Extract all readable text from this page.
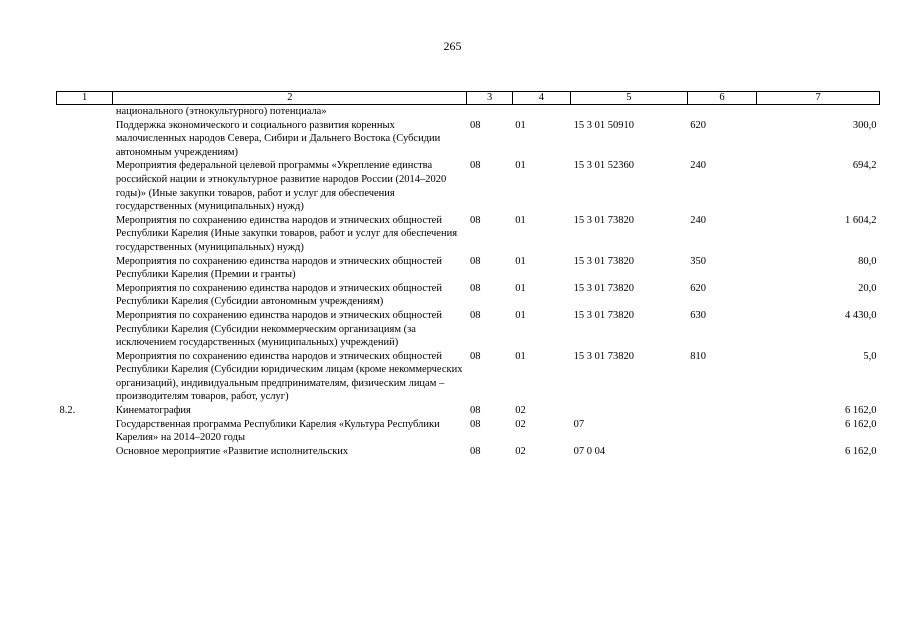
265
1	2	3	4	5	6	7
	национального (этнокультурного) потенциала»					
	Поддержка экономического и социального развития коренных малочисленных народов Севера, Сибири и Дальнего Востока (Субсидии автономным учреждениям)	08	01	15 3 01 50910	620	300,0
	Мероприятия федеральной целевой программы «Укрепление единства российской нации и этнокультурное развитие народов России (2014–2020 годы)» (Иные закупки товаров, работ и услуг для обеспечения государственных (муниципальных) нужд)	08	01	15 3 01 52360	240	694,2
	Мероприятия по сохранению единства народов и этнических общностей Республики Карелия (Иные закупки товаров, работ и услуг для обеспечения государственных (муниципальных) нужд)	08	01	15 3 01 73820	240	1 604,2
	Мероприятия по сохранению единства народов и этнических общностей Республики Карелия (Премии и гранты)	08	01	15 3 01 73820	350	80,0
	Мероприятия по сохранению единства народов и этнических общностей Республики Карелия (Субсидии автономным учреждениям)	08	01	15 3 01 73820	620	20,0
	Мероприятия по сохранению единства народов и этнических общностей Республики Карелия (Субсидии некоммерческим организациям (за исключением государственных (муниципальных) учреждений)	08	01	15 3 01 73820	630	4 430,0
	Мероприятия по сохранению единства народов и этнических общностей Республики Карелия (Субсидии юридическим лицам (кроме некоммерческих организаций), индивидуальным предпринимателям, физическим лицам – производителям товаров, работ, услуг)	08	01	15 3 01 73820	810	5,0
8.2.	Кинематография	08	02			6 162,0
	Государственная программа Республики Карелия «Культура Республики Карелия» на 2014–2020 годы	08	02	07		6 162,0
	Основное мероприятие «Развитие исполнительских	08	02	07 0 04		6 162,0
